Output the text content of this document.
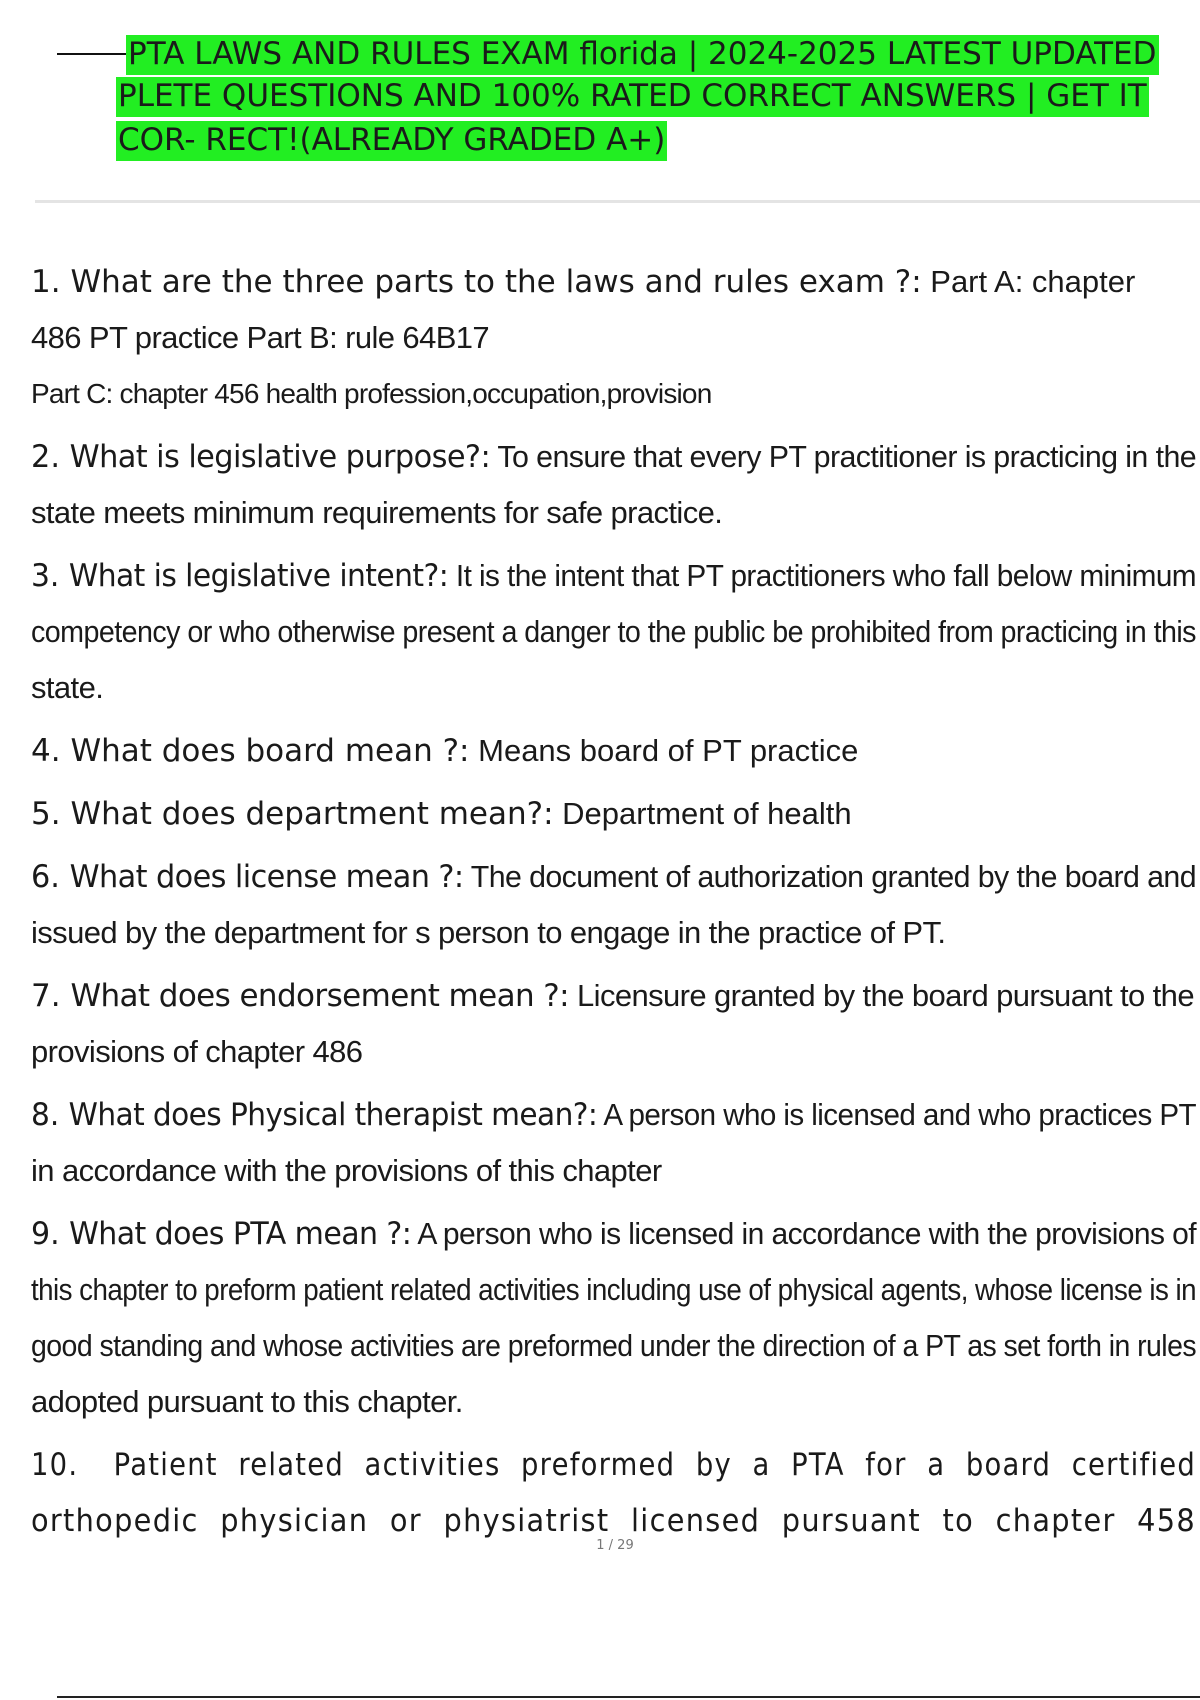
PTA LAWS AND RULES EXAM florida | 2024-2025 LATEST UPDATED
PLETE QUESTIONS AND 100% RATED CORRECT ANSWERS | GET IT
COR- RECT!(ALREADY GRADED A+)
1. What are the three parts to the laws and rules exam ?: Part A: chapter
486 PT practice Part B: rule 64B17
Part C: chapter 456 health profession,occupation,provision
2. What is legislative purpose?: To ensure that every PT practitioner is practicing in the
state meets minimum requirements for safe practice.
3. What is legislative intent?: It is the intent that PT practitioners who fall below minimum
competency or who otherwise present a danger to the public be prohibited from practicing in this
state.
4. What does board mean ?: Means board of PT practice
5. What does department mean?: Department of health
6. What does license mean ?: The document of authorization granted by the board and
issued by the department for s person to engage in the practice of PT.
7. What does endorsement mean ?: Licensure granted by the board pursuant to the
provisions of chapter 486
8. What does Physical therapist mean?: A person who is licensed and who practices PT
in accordance with the provisions of this chapter
9. What does PTA mean ?: A person who is licensed in accordance with the provisions of
this chapter to preform patient related activities including use of physical agents, whose license is in
good standing and whose activities are preformed under the direction of a PT as set forth in rules
adopted pursuant to this chapter.
10. Patient related activities preformed by a PTA for a board certified
orthopedic physician or physiatrist licensed pursuant to chapter 458
1 / 29
